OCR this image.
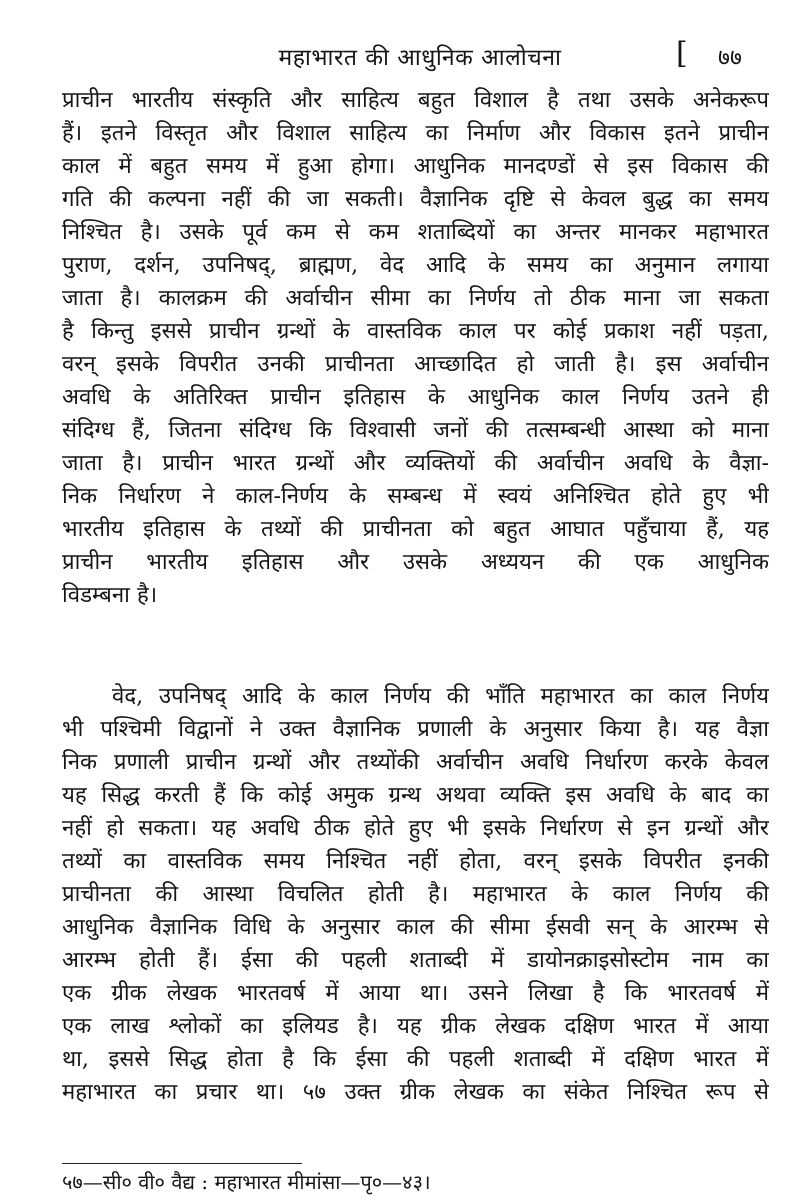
महाभारत की आधुनिक आलोचना	[ ७७
प्राचीन भारतीय संस्कृति और साहित्य बहुत विशाल है तथा उसके अनेकरूप
हैं। इतने विस्तृत और विशाल साहित्य का निर्माण और विकास इतने प्राचीन
काल में बहुत समय में हुआ होगा। आधुनिक मानदण्डों से इस विकास की
गति की कल्पना नहीं की जा सकती। वैज्ञानिक दृष्टि से केवल बुद्ध का समय
निश्चित है। उसके पूर्व कम से कम शताब्दियों का अन्तर मानकर महाभारत
पुराण, दर्शन, उपनिषद्, ब्राह्मण, वेद आदि के समय का अनुमान लगाया
जाता है। कालक्रम की अर्वाचीन सीमा का निर्णय तो ठीक माना जा सकता
है किन्तु इससे प्राचीन ग्रन्थों के वास्तविक काल पर कोई प्रकाश नहीं पड़ता,
वरन् इसके विपरीत उनकी प्राचीनता आच्छादित हो जाती है। इस अर्वाचीन
अवधि के अतिरिक्त प्राचीन इतिहास के आधुनिक काल निर्णय उतने ही
संदिग्ध हैं, जितना संदिग्ध कि विश्वासी जनों की तत्सम्बन्धी आस्था को माना
जाता है। प्राचीन भारत ग्रन्थों और व्यक्तियों की अर्वाचीन अवधि के वैज्ञा-
निक निर्धारण ने काल-निर्णय के सम्बन्ध में स्वयं अनिश्चित होते हुए भी
भारतीय इतिहास के तथ्यों की प्राचीनता को बहुत आघात पहुँचाया हैं, यह
प्राचीन भारतीय इतिहास और उसके अध्ययन की एक आधुनिक
विडम्बना है।
वेद, उपनिषद् आदि के काल निर्णय की भाँति महाभारत का काल निर्णय
भी पश्चिमी विद्वानों ने उक्त वैज्ञानिक प्रणाली के अनुसार किया है। यह वैज्ञा
निक प्रणाली प्राचीन ग्रन्थों और तथ्योंकी अर्वाचीन अवधि निर्धारण करके केवल
यह सिद्ध करती हैं कि कोई अमुक ग्रन्थ अथवा व्यक्ति इस अवधि के बाद का
नहीं हो सकता। यह अवधि ठीक होते हुए भी इसके निर्धारण से इन ग्रन्थों और
तथ्यों का वास्तविक समय निश्चित नहीं होता, वरन् इसके विपरीत इनकी
प्राचीनता की आस्था विचलित होती है। महाभारत के काल निर्णय की
आधुनिक वैज्ञानिक विधि के अनुसार काल की सीमा ईसवी सन् के आरम्भ से
आरम्भ होती हैं। ईसा की पहली शताब्दी में डायोनक्राइसोस्टोम नाम का
एक ग्रीक लेखक भारतवर्ष में आया था। उसने लिखा है कि भारतवर्ष में
एक लाख श्लोकों का इलियड है। यह ग्रीक लेखक दक्षिण भारत में आया
था, इससे सिद्ध होता है कि ईसा की पहली शताब्दी में दक्षिण भारत में
महाभारत का प्रचार था। ५७ उक्त ग्रीक लेखक का संकेत निश्चित रूप से
५७—सी० वी० वैद्य : महाभारत मीमांसा—पृ०—४३।
